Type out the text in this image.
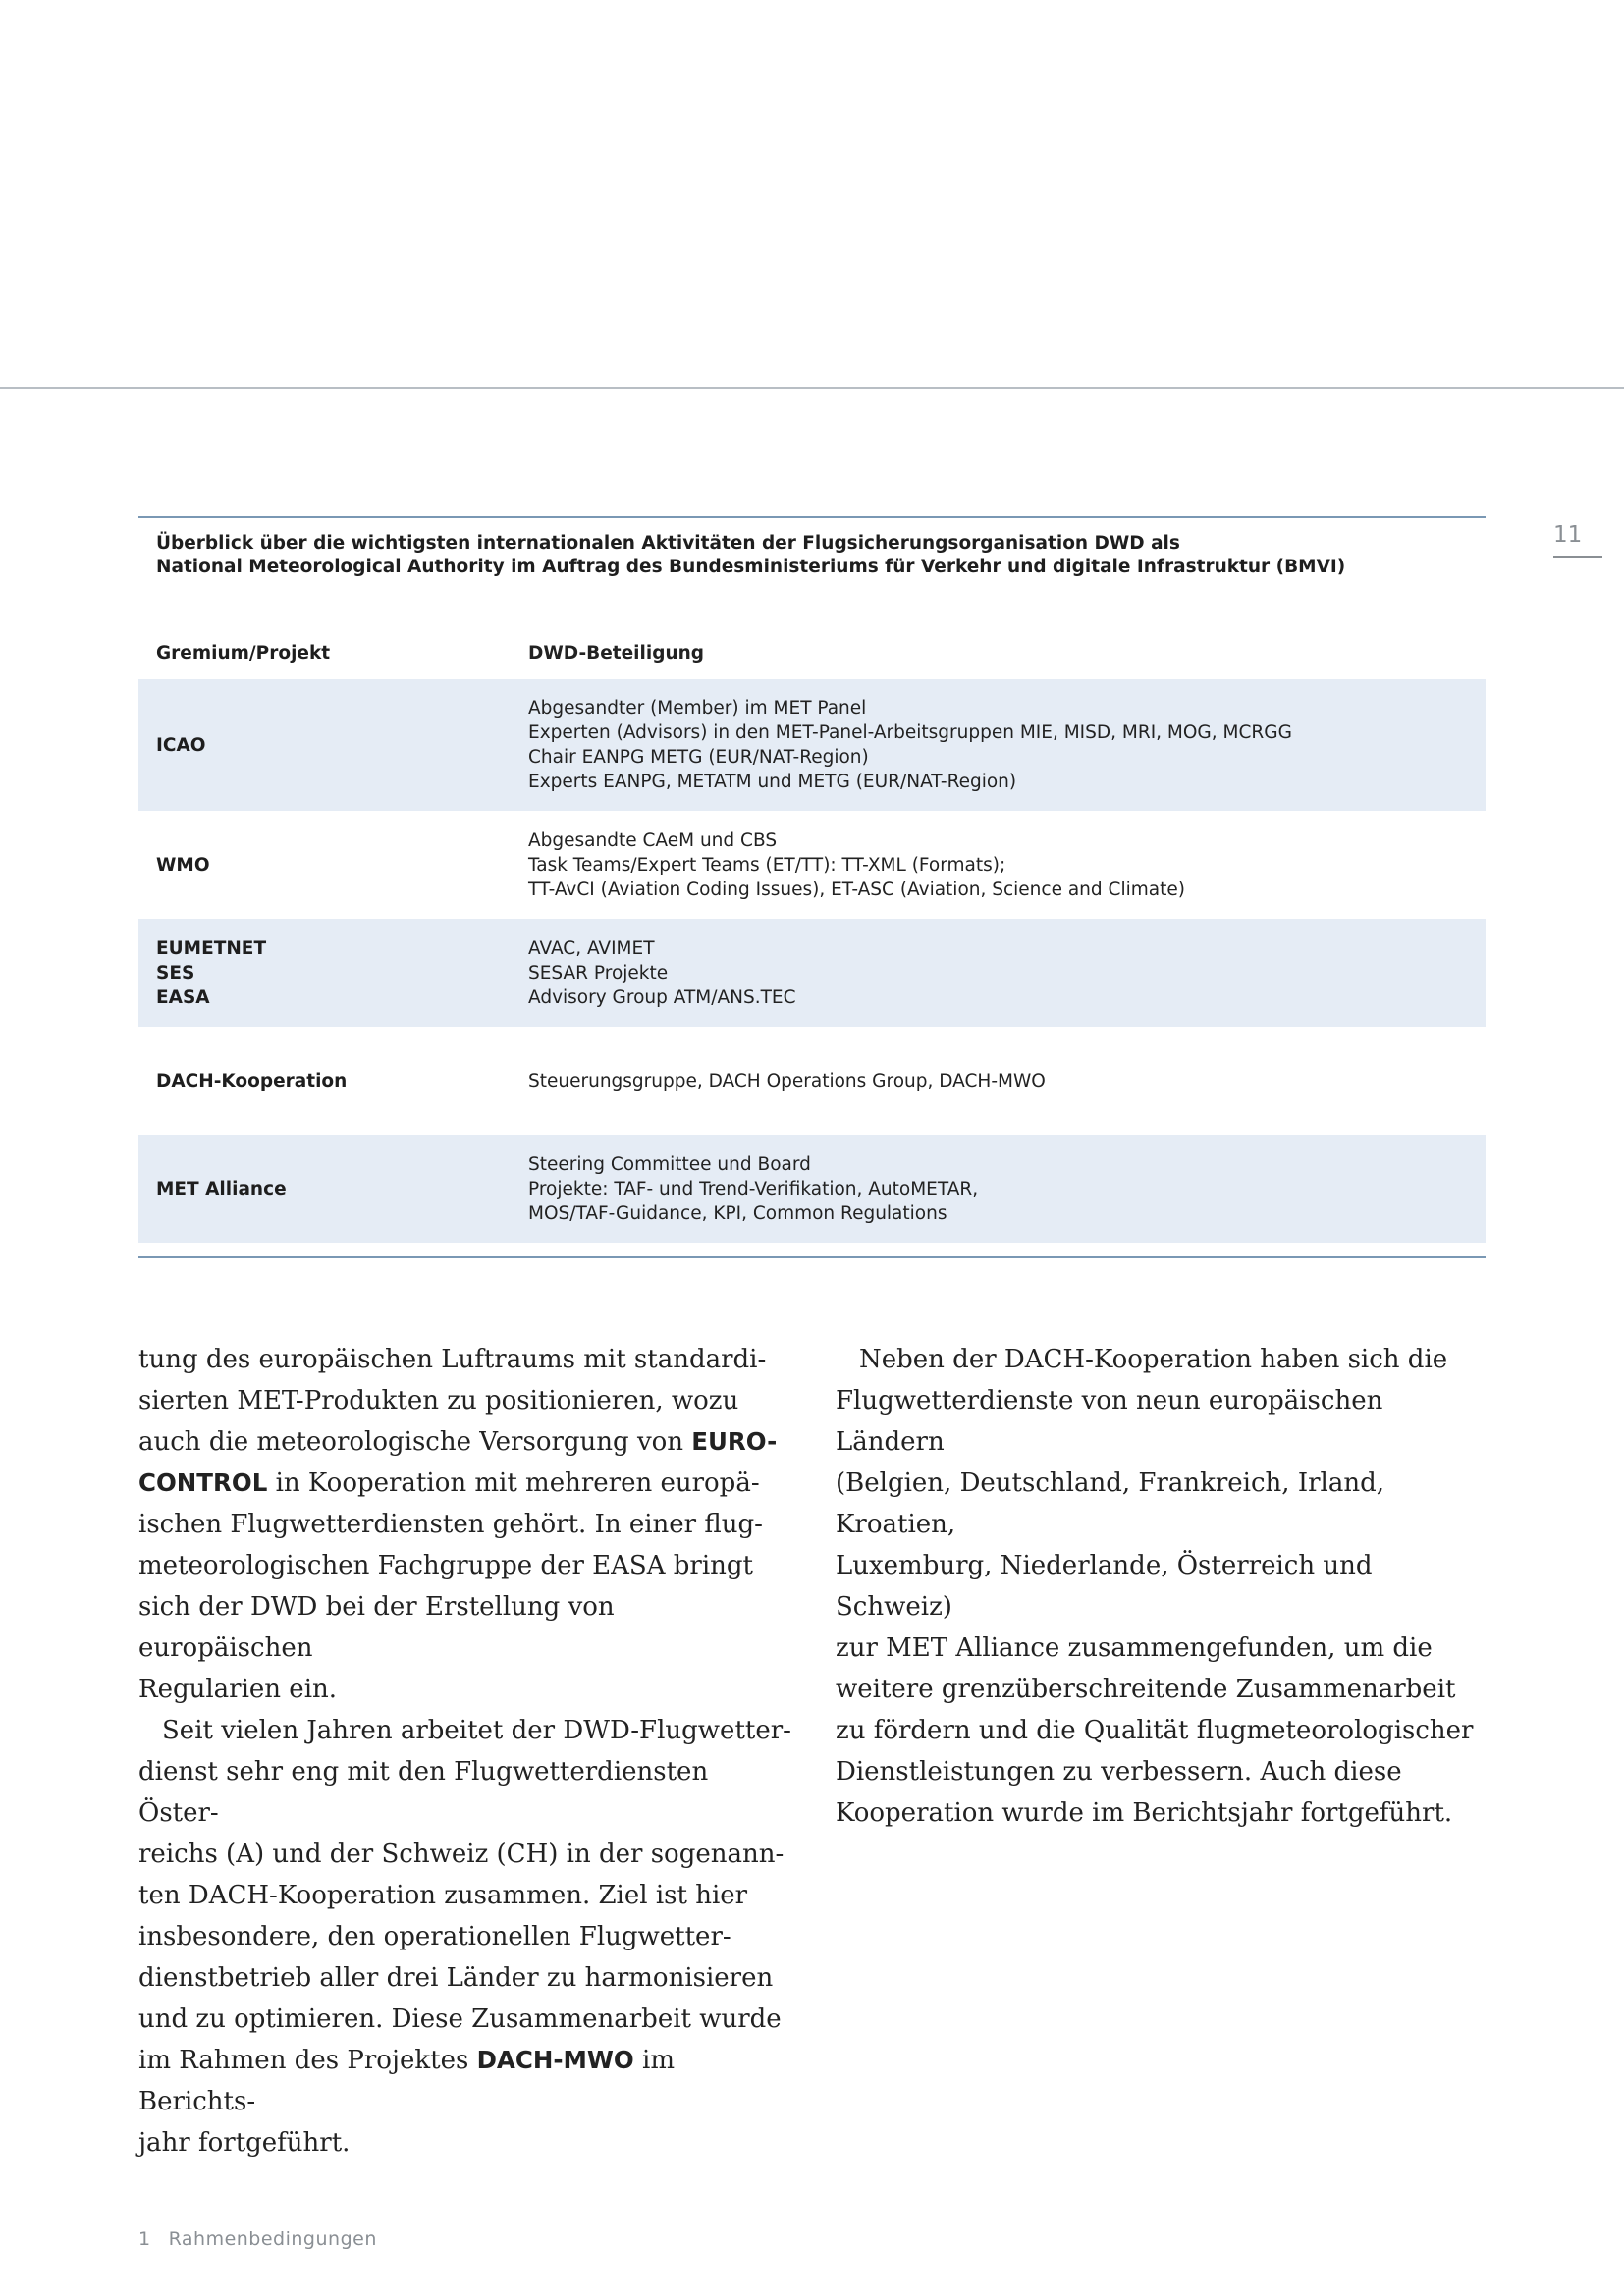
11
Überblick über die wichtigsten internationalen Aktivitäten der Flugsicherungsorganisation DWD als
National Meteorological Authority im Auftrag des Bundesministeriums für Verkehr und digitale Infrastruktur (BMVI)
Gremium/Projekt	DWD-Beteiligung
ICAO
Abgesandter (Member) im MET Panel
Experten (Advisors) in den MET-Panel-Arbeitsgruppen MIE, MISD, MRI, MOG, MCRGG
Chair EANPG METG (EUR/NAT-Region)
Experts EANPG, METATM und METG (EUR/NAT-Region)
WMO
Abgesandte CAeM und CBS
Task Teams/Expert Teams (ET/TT): TT-XML (Formats);
TT-AvCI (Aviation Coding Issues), ET-ASC (Aviation, Science and Climate)
EUMETNET
SES
EASA
AVAC, AVIMET
SESAR Projekte
Advisory Group ATM/ANS.TEC
DACH-Kooperation	Steuerungsgruppe, DACH Operations Group, DACH-MWO
MET Alliance
Steering Committee und Board
Projekte: TAF- und Trend-Verifikation, AutoMETAR,
MOS/TAF-Guidance, KPI, Common Regulations

tung des europäischen Luftraums mit standardi-
sierten MET-Produkten zu positionieren, wozu
auch die meteorologische Versorgung von EURO-
CONTROL in Kooperation mit mehreren europä-
ischen Flugwetterdiensten gehört. In einer flug-
meteorologischen Fachgruppe der EASA bringt
sich der DWD bei der Erstellung von europäischen
Regularien ein.

Seit vielen Jahren arbeitet der DWD-Flugwetter-
dienst sehr eng mit den Flugwetterdiensten Öster-
reichs (A) und der Schweiz (CH) in der sogenann-
ten DACH-Kooperation zusammen. Ziel ist hier
insbesondere, den operationellen Flugwetter-
dienstbetrieb aller drei Länder zu harmonisieren
und zu optimieren. Diese Zusammenarbeit wurde
im Rahmen des Projektes DACH-MWO im Berichts-
jahr fortgeführt.

Neben der DACH-Kooperation haben sich die
Flugwetterdienste von neun europäischen Ländern
(Belgien, Deutschland, Frankreich, Irland, Kroatien,
Luxemburg, Niederlande, Österreich und Schweiz)
zur MET Alliance zusammengefunden, um die
weitere grenzüberschreitende Zusammenarbeit
zu fördern und die Qualität flugmeteorologischer
Dienstleistungen zu verbessern. Auch diese
Kooperation wurde im Berichtsjahr fortgeführt.

1 Rahmenbedingungen
